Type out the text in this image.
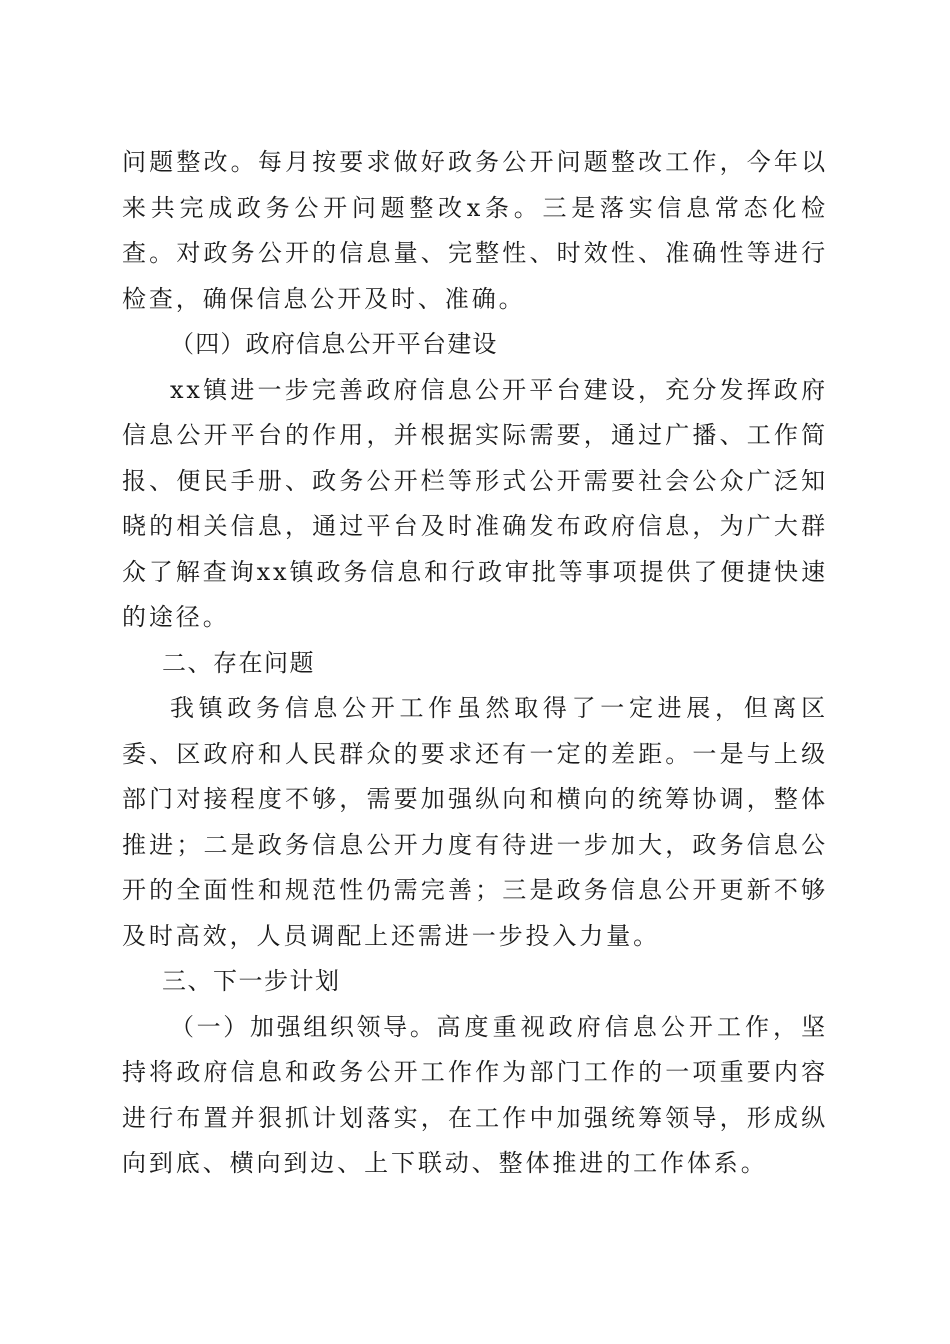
问题整改。每月按要求做好政务公开问题整改工作，今年以来共完成政务公开问题整改x条。三是落实信息常态化检查。对政务公开的信息量、完整性、时效性、准确性等进行检查，确保信息公开及时、准确。

（四）政府信息公开平台建设

xx镇进一步完善政府信息公开平台建设，充分发挥政府信息公开平台的作用，并根据实际需要，通过广播、工作简报、便民手册、政务公开栏等形式公开需要社会公众广泛知晓的相关信息，通过平台及时准确发布政府信息，为广大群众了解查询xx镇政务信息和行政审批等事项提供了便捷快速的途径。

二、存在问题

我镇政务信息公开工作虽然取得了一定进展，但离区委、区政府和人民群众的要求还有一定的差距。一是与上级部门对接程度不够，需要加强纵向和横向的统筹协调，整体推进；二是政务信息公开力度有待进一步加大，政务信息公开的全面性和规范性仍需完善；三是政务信息公开更新不够及时高效，人员调配上还需进一步投入力量。

三、下一步计划

（一）加强组织领导。高度重视政府信息公开工作，坚持将政府信息和政务公开工作作为部门工作的一项重要内容进行布置并狠抓计划落实，在工作中加强统筹领导，形成纵向到底、横向到边、上下联动、整体推进的工作体系。
